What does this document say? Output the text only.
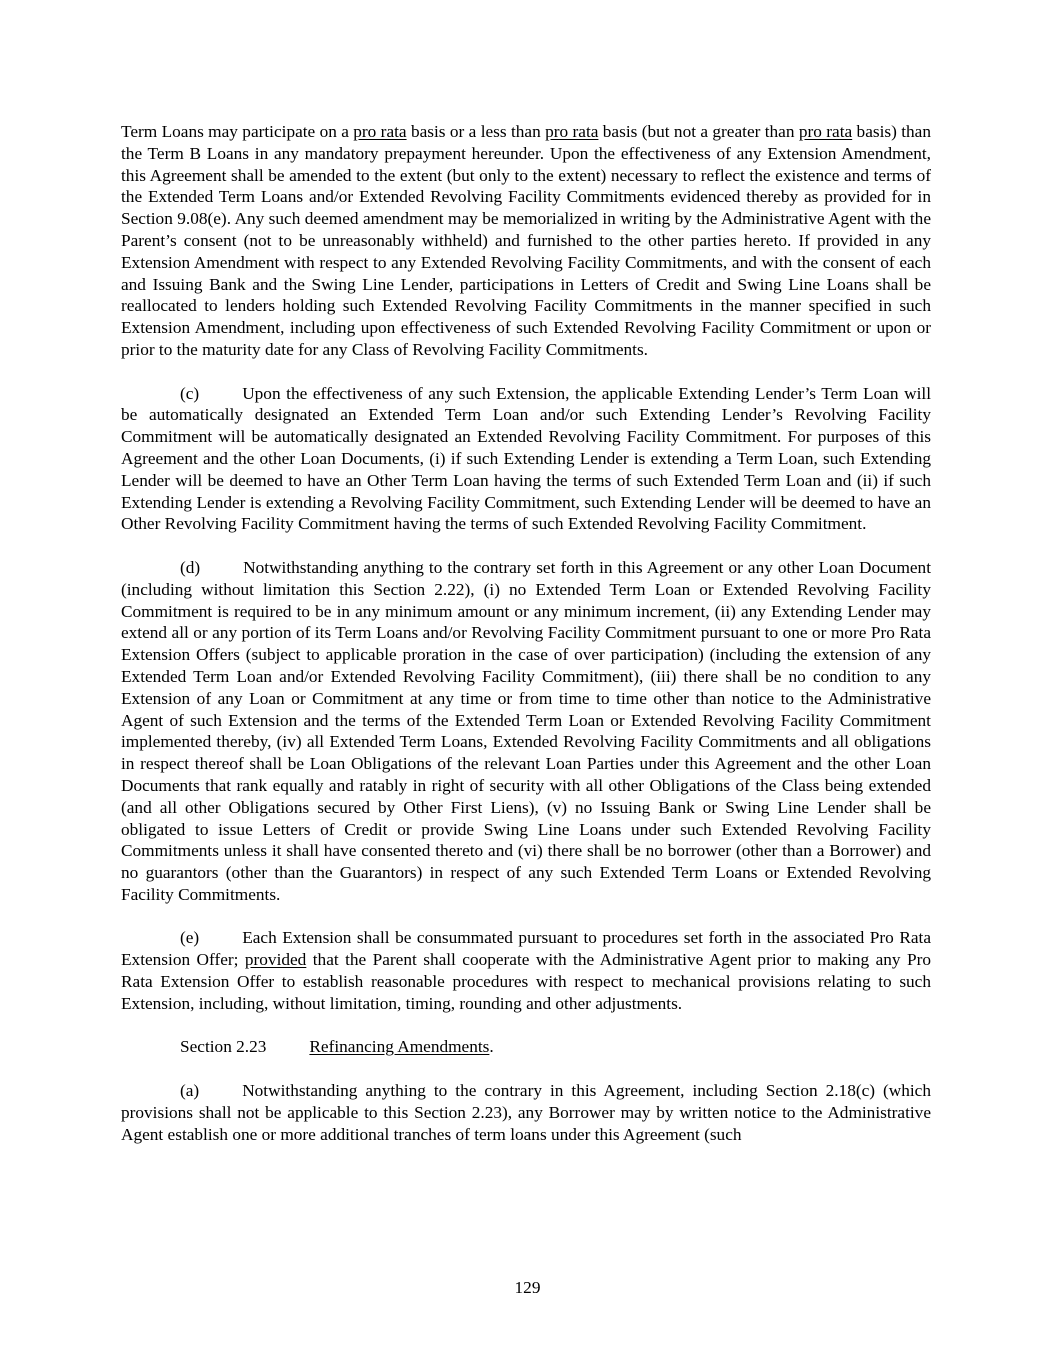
Term Loans may participate on a pro rata basis or a less than pro rata basis (but not a greater than pro rata basis) than the Term B Loans in any mandatory prepayment hereunder. Upon the effectiveness of any Extension Amendment, this Agreement shall be amended to the extent (but only to the extent) necessary to reflect the existence and terms of the Extended Term Loans and/or Extended Revolving Facility Commitments evidenced thereby as provided for in Section 9.08(e). Any such deemed amendment may be memorialized in writing by the Administrative Agent with the Parent’s consent (not to be unreasonably withheld) and furnished to the other parties hereto. If provided in any Extension Amendment with respect to any Extended Revolving Facility Commitments, and with the consent of each and Issuing Bank and the Swing Line Lender, participations in Letters of Credit and Swing Line Loans shall be reallocated to lenders holding such Extended Revolving Facility Commitments in the manner specified in such Extension Amendment, including upon effectiveness of such Extended Revolving Facility Commitment or upon or prior to the maturity date for any Class of Revolving Facility Commitments.

(c) Upon the effectiveness of any such Extension, the applicable Extending Lender’s Term Loan will be automatically designated an Extended Term Loan and/or such Extending Lender’s Revolving Facility Commitment will be automatically designated an Extended Revolving Facility Commitment. For purposes of this Agreement and the other Loan Documents, (i) if such Extending Lender is extending a Term Loan, such Extending Lender will be deemed to have an Other Term Loan having the terms of such Extended Term Loan and (ii) if such Extending Lender is extending a Revolving Facility Commitment, such Extending Lender will be deemed to have an Other Revolving Facility Commitment having the terms of such Extended Revolving Facility Commitment.

(d) Notwithstanding anything to the contrary set forth in this Agreement or any other Loan Document (including without limitation this Section 2.22), (i) no Extended Term Loan or Extended Revolving Facility Commitment is required to be in any minimum amount or any minimum increment, (ii) any Extending Lender may extend all or any portion of its Term Loans and/or Revolving Facility Commitment pursuant to one or more Pro Rata Extension Offers (subject to applicable proration in the case of over participation) (including the extension of any Extended Term Loan and/or Extended Revolving Facility Commitment), (iii) there shall be no condition to any Extension of any Loan or Commitment at any time or from time to time other than notice to the Administrative Agent of such Extension and the terms of the Extended Term Loan or Extended Revolving Facility Commitment implemented thereby, (iv) all Extended Term Loans, Extended Revolving Facility Commitments and all obligations in respect thereof shall be Loan Obligations of the relevant Loan Parties under this Agreement and the other Loan Documents that rank equally and ratably in right of security with all other Obligations of the Class being extended (and all other Obligations secured by Other First Liens), (v) no Issuing Bank or Swing Line Lender shall be obligated to issue Letters of Credit or provide Swing Line Loans under such Extended Revolving Facility Commitments unless it shall have consented thereto and (vi) there shall be no borrower (other than a Borrower) and no guarantors (other than the Guarantors) in respect of any such Extended Term Loans or Extended Revolving Facility Commitments.

(e) Each Extension shall be consummated pursuant to procedures set forth in the associated Pro Rata Extension Offer; provided that the Parent shall cooperate with the Administrative Agent prior to making any Pro Rata Extension Offer to establish reasonable procedures with respect to mechanical provisions relating to such Extension, including, without limitation, timing, rounding and other adjustments.

Section 2.23 Refinancing Amendments.

(a) Notwithstanding anything to the contrary in this Agreement, including Section 2.18(c) (which provisions shall not be applicable to this Section 2.23), any Borrower may by written notice to the Administrative Agent establish one or more additional tranches of term loans under this Agreement (such

129
